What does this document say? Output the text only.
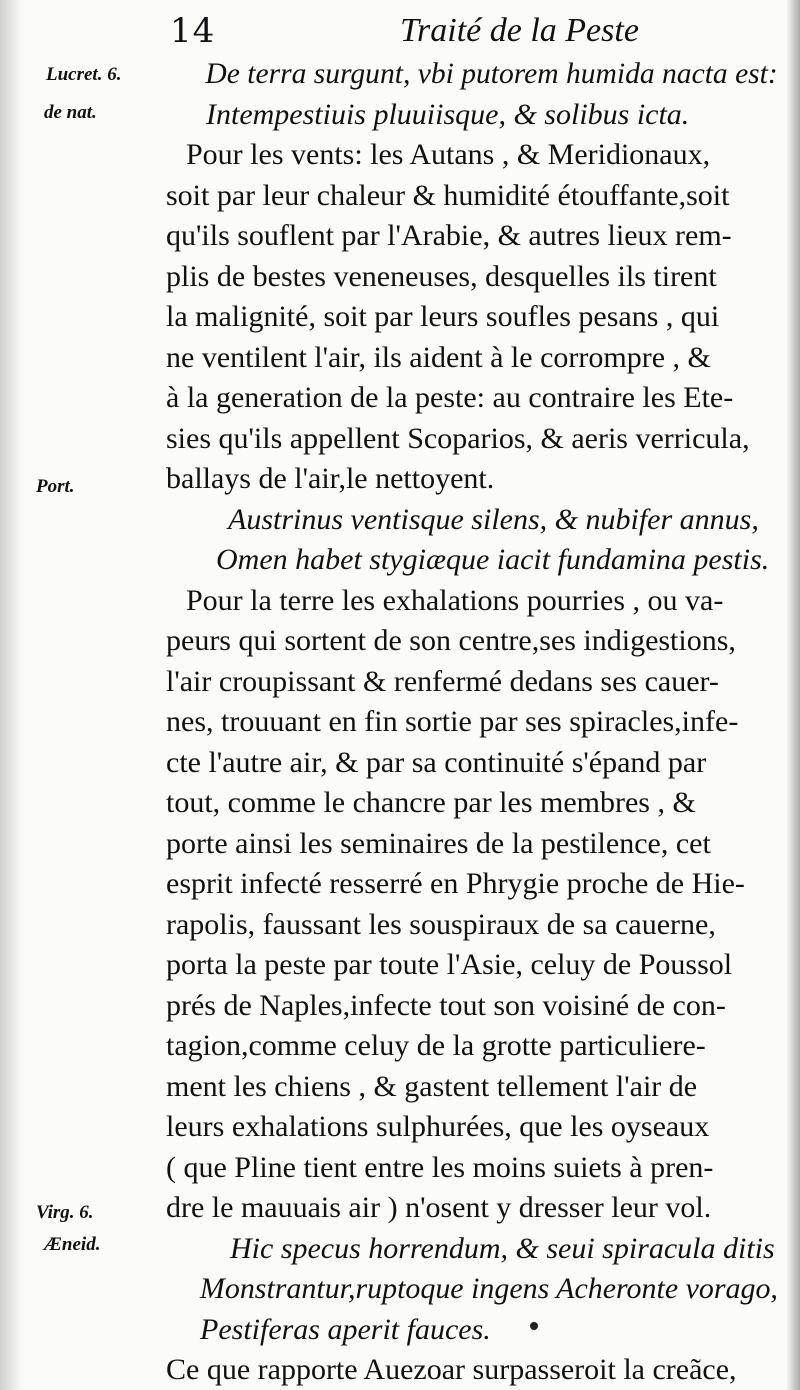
14	Traité de la Peste
Lucret. 6.
de nat.
Port.
Virg. 6.
Æneid.
De terra surgunt, vbi putorem humida nacta est:
Intempestiuis pluuiisque, & solibus icta.
Pour les vents: les Autans , & Meridionaux,
soit par leur chaleur & humidité étouffante,soit
qu'ils souflent par l'Arabie, & autres lieux rem-
plis de bestes veneneuses, desquelles ils tirent
la malignité, soit par leurs soufles pesans , qui
ne ventilent l'air, ils aident à le corrompre , &
à la generation de la peste: au contraire les Ete-
sies qu'ils appellent Scoparios, & aeris verricula,
ballays de l'air,le nettoyent.
Austrinus ventisque silens, & nubifer annus,
Omen habet stygiæque iacit fundamina pestis.
Pour la terre les exhalations pourries , ou va-
peurs qui sortent de son centre,ses indigestions,
l'air croupissant & renfermé dedans ses cauer-
nes, trouuant en fin sortie par ses spiracles,infe-
cte l'autre air, & par sa continuité s'épand par
tout, comme le chancre par les membres , &
porte ainsi les seminaires de la pestilence, cet
esprit infecté resserré en Phrygie proche de Hie-
rapolis, faussant les souspiraux de sa cauerne,
porta la peste par toute l'Asie, celuy de Poussol
prés de Naples,infecte tout son voisiné de con-
tagion,comme celuy de la grotte particuliere-
ment les chiens , & gastent tellement l'air de
leurs exhalations sulphurées, que les oyseaux
( que Pline tient entre les moins suiets à pren-
dre le mauuais air ) n'osent y dresser leur vol.
Hic specus horrendum, & seui spiracula ditis
Monstrantur,ruptoque ingens Acheronte vorago,
Pestiferas aperit fauces.
Ce que rapporte Auezoar surpasseroit la creãce,
